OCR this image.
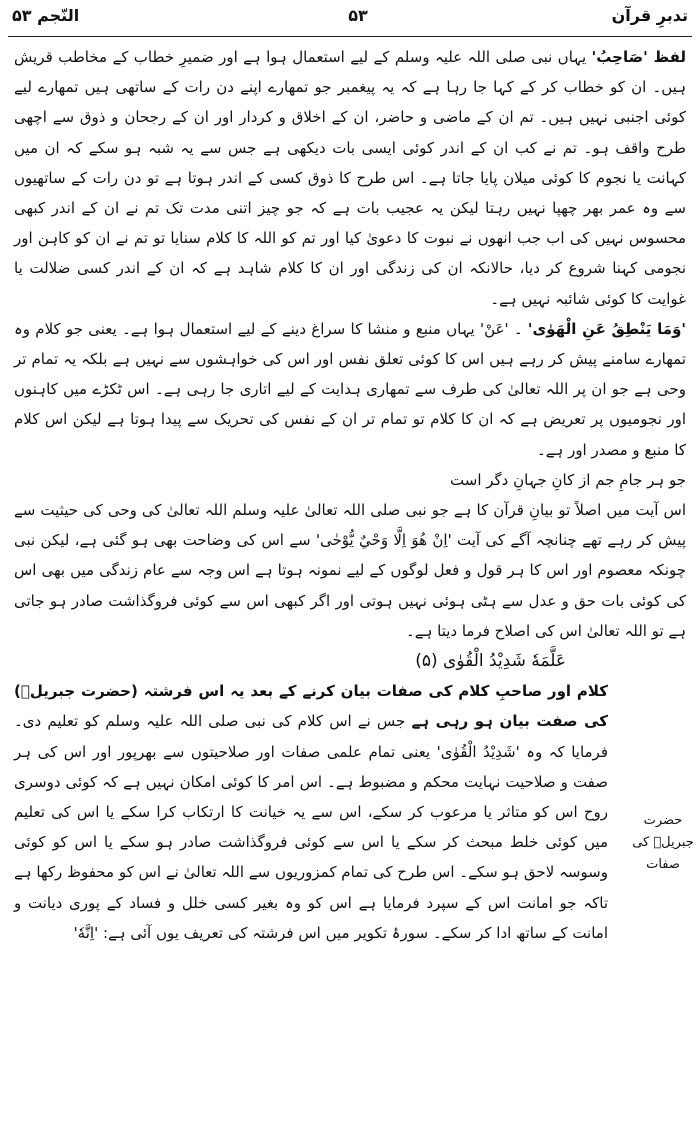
تدبرِ قرآن
۵۳
النّجم ۵۳
حضرت جبریلؑ کی صفات

لفظ 'صَاحِبُ' یہاں نبی صلی اللہ علیہ وسلم کے لیے استعمال ہوا ہے اور ضمیرِ خطاب کے مخاطب قریش ہیں۔ ان کو خطاب کر کے کہا جا رہا ہے کہ یہ پیغمبر جو تمھارے اپنے دن رات کے ساتھی ہیں تمھارے لیے کوئی اجنبی نہیں ہیں۔ تم ان کے ماضی و حاضر، ان کے اخلاق و کردار اور ان کے رجحان و ذوق سے اچھی طرح واقف ہو۔ تم نے کب ان کے اندر کوئی ایسی بات دیکھی ہے جس سے یہ شبہ ہو سکے کہ ان میں کہانت یا نجوم کا کوئی میلان پایا جاتا ہے۔ اس طرح کا ذوق کسی کے اندر ہوتا ہے تو دن رات کے ساتھیوں سے وہ عمر بھر چھپا نہیں رہتا لیکن یہ عجیب بات ہے کہ جو چیز اتنی مدت تک تم نے ان کے اندر کبھی محسوس نہیں کی اب جب انھوں نے نبوت کا دعویٰ کیا اور تم کو اللہ کا کلام سنایا تو تم نے ان کو کاہن اور نجومی کہنا شروع کر دیا، حالانکہ ان کی زندگی اور ان کا کلام شاہد ہے کہ ان کے اندر کسی ضلالت یا غوایت کا کوئی شائبہ نہیں ہے۔

'وَمَا يَنْطِقُ عَنِ الْهَوٰى' ۔ 'عَنْ' یہاں منبع و منشا کا سراغ دینے کے لیے استعمال ہوا ہے۔ یعنی جو کلام وہ تمھارے سامنے پیش کر رہے ہیں اس کا کوئی تعلق نفس اور اس کی خواہشوں سے نہیں ہے بلکہ یہ تمام تر وحی ہے جو ان پر اللہ تعالیٰ کی طرف سے تمھاری ہدایت کے لیے اتاری جا رہی ہے۔ اس ٹکڑے میں کاہنوں اور نجومیوں پر تعریض ہے کہ ان کا کلام تو تمام تر ان کے نفس کی تحریک سے پیدا ہوتا ہے لیکن اس کلام کا منبع و مصدر اور ہے۔

جو ہر جامِ جم از کانِ جہانِ دگر است

اس آیت میں اصلاً تو بیانِ قرآن کا ہے جو نبی صلی اللہ تعالیٰ علیہ وسلم اللہ تعالیٰ کی وحی کی حیثیت سے پیش کر رہے تھے چنانچہ آگے کی آیت 'اِنْ هُوَ اِلَّا وَحْيٌ يُّوْحٰى' سے اس کی وضاحت بھی ہو گئی ہے، لیکن نبی چونکہ معصوم اور اس کا ہر قول و فعل لوگوں کے لیے نمونہ ہوتا ہے اس وجہ سے عام زندگی میں بھی اس کی کوئی بات حق و عدل سے ہٹی ہوئی نہیں ہوتی اور اگر کبھی اس سے کوئی فروگذاشت صادر ہو جاتی ہے تو اللہ تعالیٰ اس کی اصلاح فرما دیتا ہے۔

عَلَّمَهٗ شَدِيْدُ الْقُوٰى (۵)

کلام اور صاحبِ کلام کی صفات بیان کرنے کے بعد یہ اس فرشتہ (حضرت جبریلؑ) کی صفت بیان ہو رہی ہے جس نے اس کلام کی نبی صلی اللہ علیہ وسلم کو تعلیم دی۔ فرمایا کہ وہ 'شَدِيْدُ الْقُوٰى' یعنی تمام علمی صفات اور صلاحیتوں سے بھرپور اور اس کی ہر صفت و صلاحیت نہایت محکم و مضبوط ہے۔ اس امر کا کوئی امکان نہیں ہے کہ کوئی دوسری روح اس کو متاثر یا مرعوب کر سکے، اس سے یہ خیانت کا ارتکاب کرا سکے یا اس کی تعلیم میں کوئی خلط مبحث کر سکے یا اس سے کوئی فروگذاشت صادر ہو سکے یا اس کو کوئی وسوسہ لاحق ہو سکے۔ اس طرح کی تمام کمزوریوں سے اللہ تعالیٰ نے اس کو محفوظ رکھا ہے تاکہ جو امانت اس کے سپرد فرمایا ہے اس کو وہ بغیر کسی خلل و فساد کے پوری دیانت و امانت کے ساتھ ادا کر سکے۔ سورۂ تکویر میں اس فرشتہ کی تعریف یوں آئی ہے: 'اِنَّهٗ'
